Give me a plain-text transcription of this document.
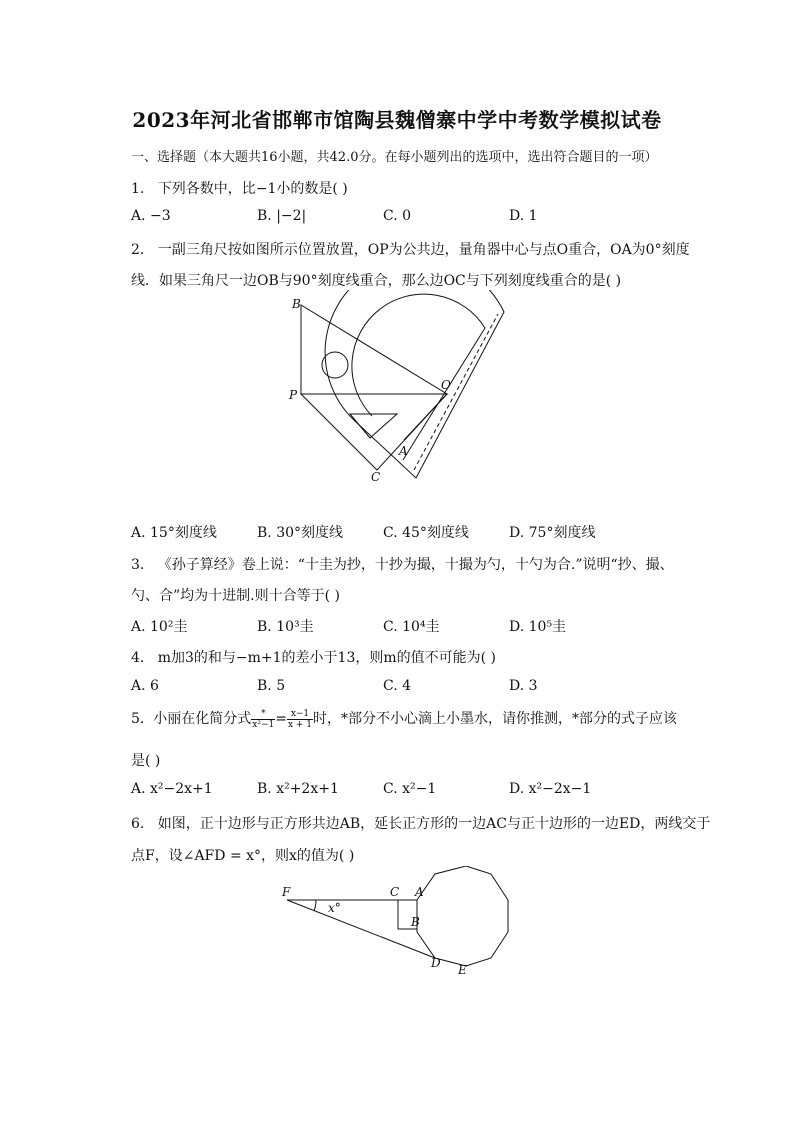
2023年河北省邯郸市馆陶县魏僧寨中学中考数学模拟试卷
一、选择题（本大题共16小题，共42.0分。在每小题列出的选项中，选出符合题目的一项）
1. 下列各数中，比−1小的数是( )
A. −3	B. |−2|	C. 0	D. 1
2. 一副三角尺按如图所示位置放置，OP为公共边，量角器中心与点O重合，OA为0°刻度
线．如果三角尺一边OB与90°刻度线重合，那么边OC与下列刻度线重合的是( )
B
P
O
A
C
A. 15°刻度线	B. 30°刻度线	C. 45°刻度线	D. 75°刻度线
3. 《孙子算经》卷上说：“十圭为抄，十抄为撮，十撮为勺，十勺为合.”说明“抄、撮、
勺、合”均为十进制.则十合等于( )
A. 10²圭	B. 10³圭	C. 10⁴圭	D. 10⁵圭
4. m加3的和与−m+1的差小于13，则m的值不可能为( )
A. 6	B. 5	C. 4	D. 3
5. 小丽在化简分式 $\frac{*}{\text{x²−1}} = \frac{x-1}{x + 1}$ 时，*部分不小心滴上小墨水，请你推测，*部分的式子应该
是( )
A. x²−2x+1	B. x²+2x+1	C. x²−1	D. x²−2x−1
6. 如图，正十边形与正方形共边AB，延长正方形的一边AC与正十边形的一边ED，两线交于
点F，设∠AFD = x°，则x的值为( )
F
x°
C A
B
D E
